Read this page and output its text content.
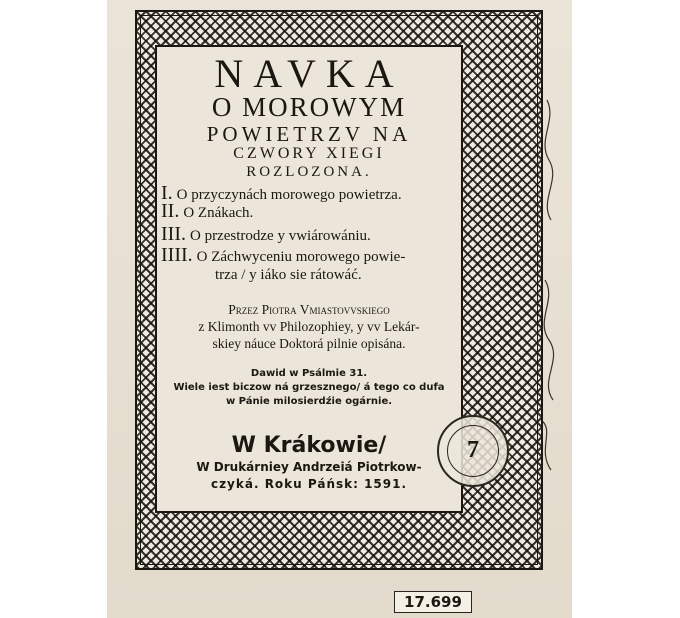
NAVKA
O MOROWYM
POWIETRZV NA
CZWORY XIEGI
ROZLOZONA.
I. O przyczynách morowego powietrza.
II. O Znákach.
III. O przestrodze y vwiárowániu.
IIII. O Záchwyceniu morowego powie-
trza / y iáko sie rátowáć.
Przez Piotra Vmiastovvskiego
z Klimonth vv Philozophiey, y vv Lekár-
skiey náuce Doktorá pilnie opisána.
Dawid w Psálmie 31.
Wiele iest biczow ná grzesznego/ á tego co dufa
w Pánie milosierdźie ogárnie.
W Krákowie/
W Drukárniey Andrzeiá Piotrkow-
czyká. Roku Páńsk: 1591.
7
17.699
